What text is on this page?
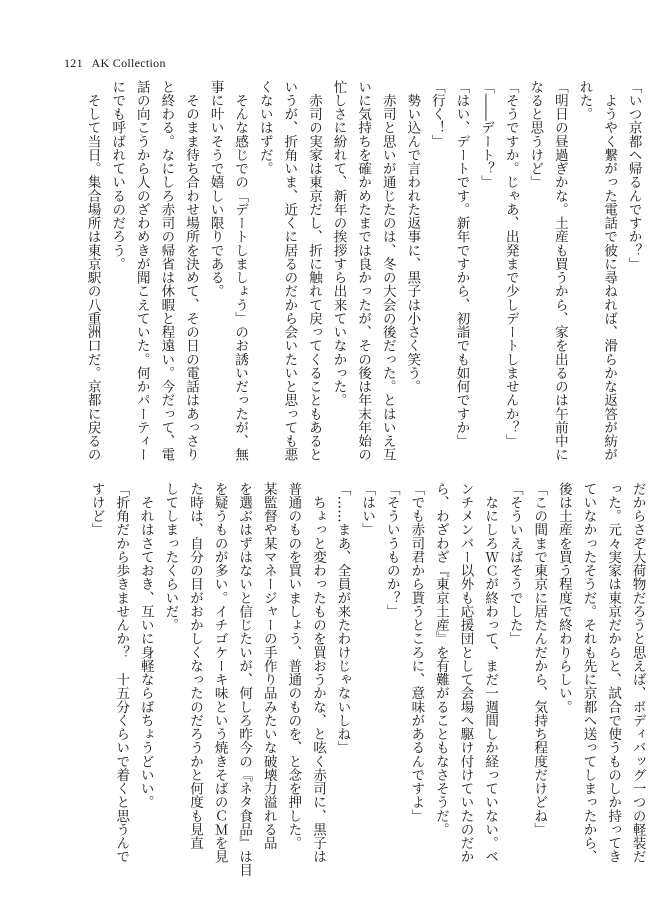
121 AK Collection

「いつ京都へ帰るんですか？」

　ようやく繋がった電話で彼に尋ねれば、滑らかな返答が紡が

れた。

「明日の昼過ぎかな。土産も買うから、家を出るのは午前中に

なると思うけど」

「そうですか。じゃあ、出発まで少しデートしませんか？」

「――デート？」

「はい、デートです。新年ですから、初詣でも如何ですか」

「行く！」

　勢い込んで言われた返事に、黒子は小さく笑う。

　赤司と思いが通じたのは、冬の大会の後だった。とはいえ互

いに気持ちを確かめたまでは良かったが、その後は年末年始の

忙しさに紛れて、新年の挨拶すら出来ていなかった。

　赤司の実家は東京だし、折に触れて戻ってくることもあると

いうが、折角いま、近くに居るのだから会いたいと思っても悪

くないはずだ。

　そんな感じでの「デートしましょう」のお誘いだったが、無

事に叶いそうで嬉しい限りである。

　そのまま待ち合わせ場所を決めて、その日の電話はあっさり

と終わる。なにしろ赤司の帰省は休暇と程遠い。今だって、電

話の向こうから人のざわめきが聞こえていた。何かパーティー

にでも呼ばれているのだろう。

　そして当日。集合場所は東京駅の八重洲口だ。京都に戻るの

だからさぞ大荷物だろうと思えば、ボディバッグ一つの軽装だ

った。元々実家は東京だからと、試合で使うものしか持ってき

ていなかったそうだ。それも先に京都へ送ってしまったから、

後は土産を買う程度で終わりらしい。

「この間まで東京に居たんだから、気持ち程度だけどね」

「そういえばそうでした」

　なにしろＷＣが終わって、まだ一週間しか経っていない。ベ

ンチメンバー以外も応援団として会場へ駆け付けていたのだか

ら、わざわざ『東京土産』を有難がることもなさそうだ。

「でも赤司君から貰うところに、意味があるんですよ」

「そういうものか？」

「はい」

「……まあ、全員が来たわけじゃないしね」

　ちょっと変わったものを買おうかな、と呟く赤司に、黒子は

普通のものを買いましょう、普通のものを、と念を押した。

某監督や某マネージャーの手作り品みたいな破壊力溢れる品

を選ぶはずはないと信じたいが、何しろ昨今の『ネタ食品』は目

を疑うものが多い。イチゴケーキ味という焼きそばのＣＭを見

た時は、自分の目がおかしくなったのだろうかと何度も見直

してしまったくらいだ。

　それはさておき、互いに身軽ならばちょうどいい。

「折角だから歩きませんか？　十五分くらいで着くと思うんで

すけど」
